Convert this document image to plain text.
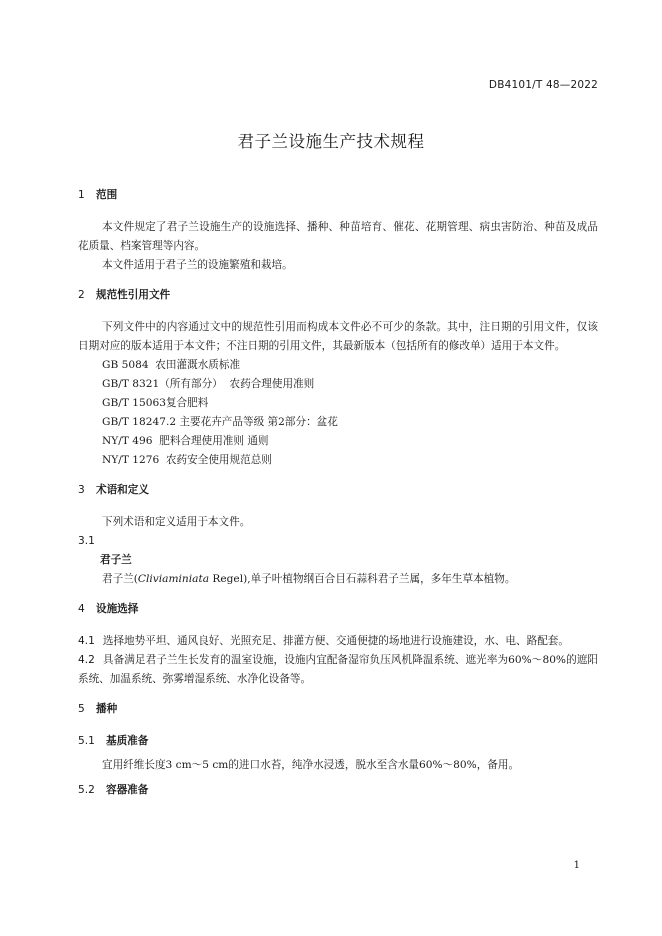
DB4101/T 48—2022
君子兰设施生产技术规程
1 范围

本文件规定了君子兰设施生产的设施选择、播种、种苗培育、催花、花期管理、病虫害防治、种苗及成品花质量、档案管理等内容。

本文件适用于君子兰的设施繁殖和栽培。

2 规范性引用文件

下列文件中的内容通过文中的规范性引用而构成本文件必不可少的条款。其中，注日期的引用文件，仅该日期对应的版本适用于本文件；不注日期的引用文件，其最新版本（包括所有的修改单）适用于本文件。

GB 5084  农田灌溉水质标准
GB/T 8321（所有部分）  农药合理使用准则
GB/T 15063复合肥料
GB/T 18247.2 主要花卉产品等级 第2部分：盆花
NY/T 496  肥料合理使用准则 通则
NY/T 1276  农药安全使用规范总则
3 术语和定义

下列术语和定义适用于本文件。

3.1
君子兰

君子兰(Cliviaminiata Regel),单子叶植物纲百合目石蒜科君子兰属，多年生草本植物。

4 设施选择

4.1 选择地势平坦、通风良好、光照充足、排灌方便、交通便捷的场地进行设施建设，水、电、路配套。

4.2 具备满足君子兰生长发育的温室设施，设施内宜配备湿帘负压风机降温系统、遮光率为60%～80%的遮阳系统、加温系统、弥雾增湿系统、水净化设备等。

5 播种
5.1 基质准备

宜用纤维长度3 cm～5 cm的进口水苔，纯净水浸透，脱水至含水量60%～80%，备用。

5.2 容器准备
1
